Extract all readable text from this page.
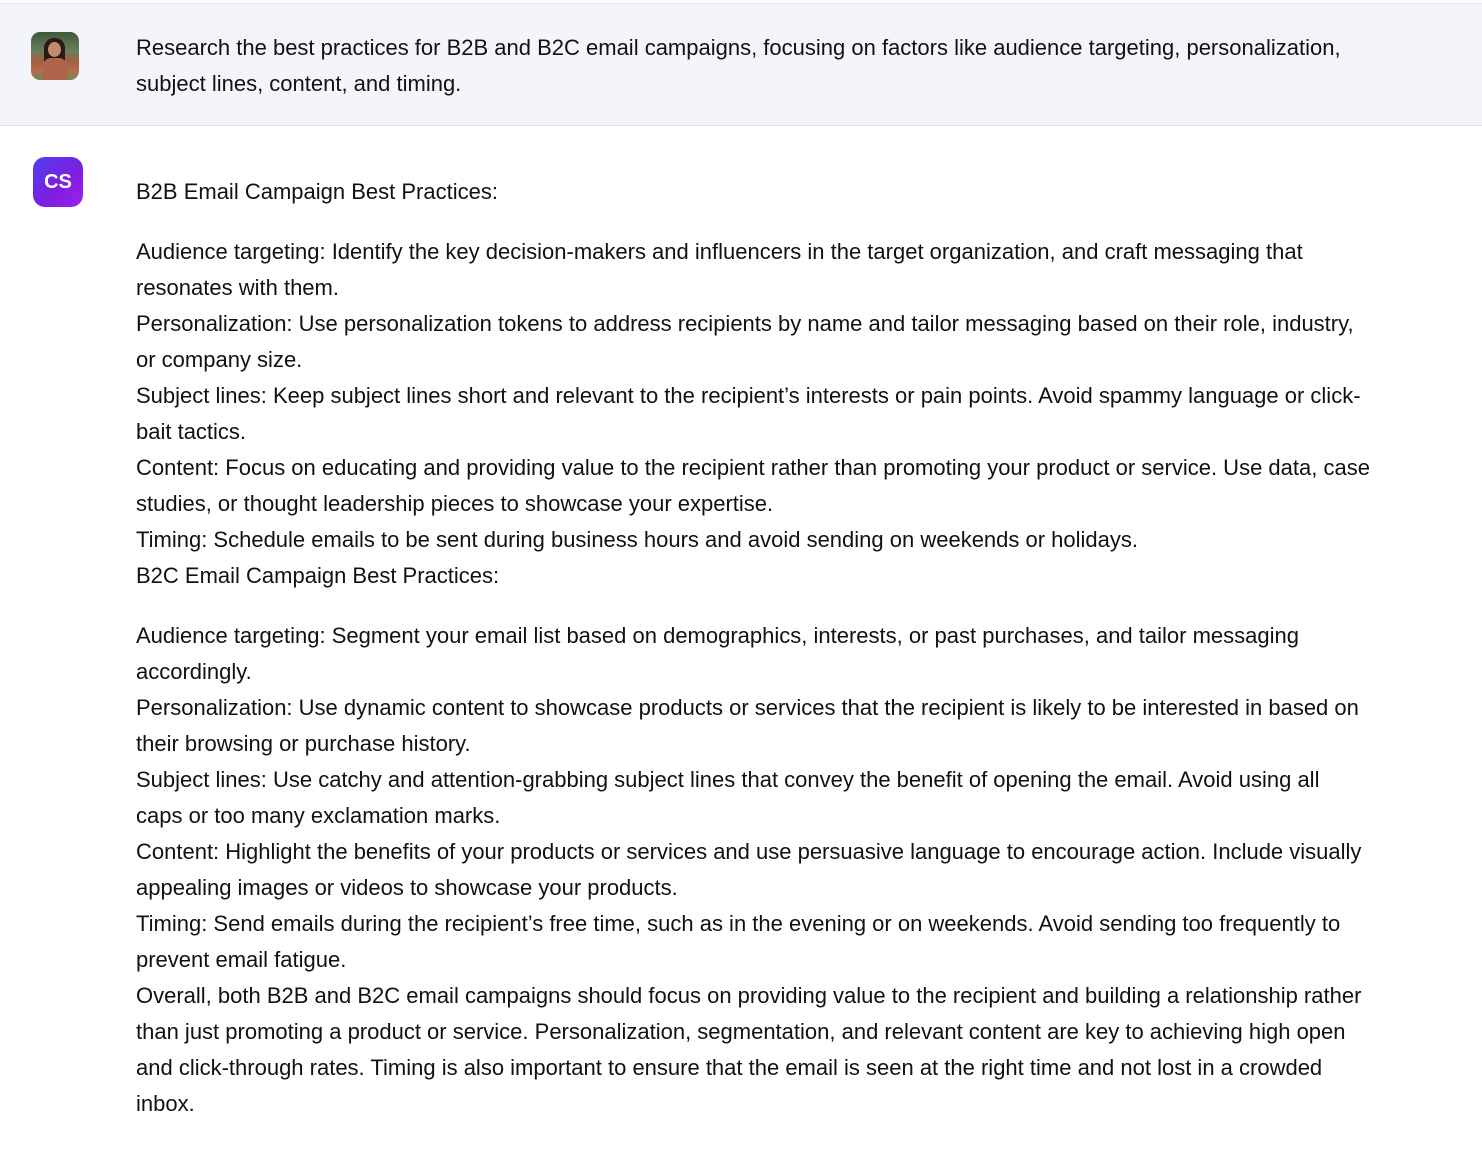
Research the best practices for B2B and B2C email campaigns, focusing on factors like audience targeting, personalization, subject lines, content, and timing.
CS	B2B Email Campaign Best Practices:

Audience targeting: Identify the key decision-makers and influencers in the target organization, and craft messaging that resonates with them.

Personalization: Use personalization tokens to address recipients by name and tailor messaging based on their role, industry, or company size.

Subject lines: Keep subject lines short and relevant to the recipient’s interests or pain points. Avoid spammy language or click-bait tactics.

Content: Focus on educating and providing value to the recipient rather than promoting your product or service. Use data, case studies, or thought leadership pieces to showcase your expertise.

Timing: Schedule emails to be sent during business hours and avoid sending on weekends or holidays.

B2C Email Campaign Best Practices:

Audience targeting: Segment your email list based on demographics, interests, or past purchases, and tailor messaging accordingly.

Personalization: Use dynamic content to showcase products or services that the recipient is likely to be interested in based on their browsing or purchase history.

Subject lines: Use catchy and attention-grabbing subject lines that convey the benefit of opening the email. Avoid using all caps or too many exclamation marks.

Content: Highlight the benefits of your products or services and use persuasive language to encourage action. Include visually appealing images or videos to showcase your products.

Timing: Send emails during the recipient’s free time, such as in the evening or on weekends. Avoid sending too frequently to prevent email fatigue.

Overall, both B2B and B2C email campaigns should focus on providing value to the recipient and building a relationship rather than just promoting a product or service. Personalization, segmentation, and relevant content are key to achieving high open and click-through rates. Timing is also important to ensure that the email is seen at the right time and not lost in a crowded inbox.
